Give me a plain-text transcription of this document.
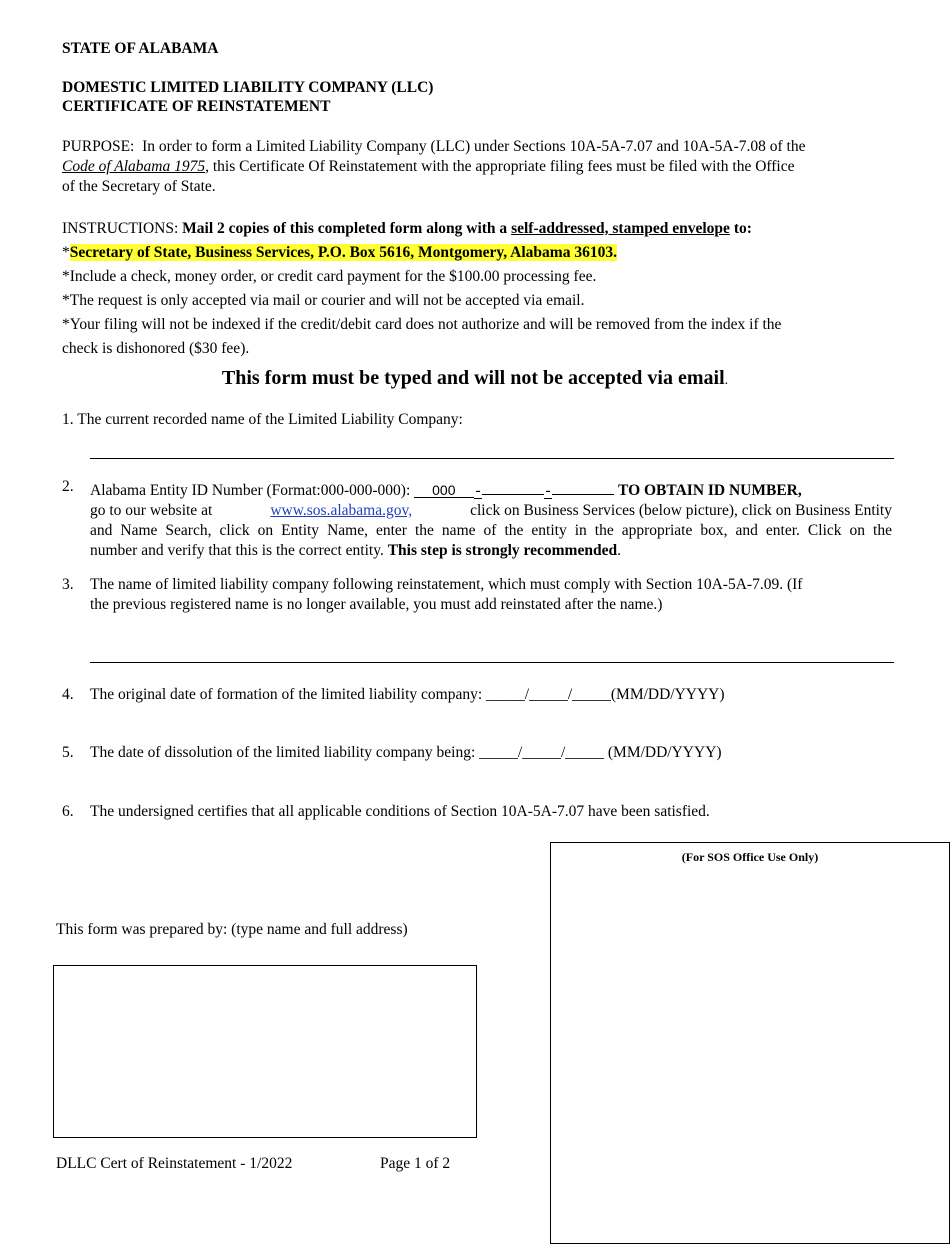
STATE OF ALABAMA
DOMESTIC LIMITED LIABILITY COMPANY (LLC)
CERTIFICATE OF REINSTATEMENT
PURPOSE: In order to form a Limited Liability Company (LLC) under Sections 10A-5A-7.07 and 10A-5A-7.08 of the
Code of Alabama 1975, this Certificate Of Reinstatement with the appropriate filing fees must be filed with the Office
of the Secretary of State.
INSTRUCTIONS: Mail 2 copies of this completed form along with a self-addressed, stamped envelope to:
*Secretary of State, Business Services, P.O. Box 5616, Montgomery, Alabama 36103.
*Include a check, money order, or credit card payment for the $100.00 processing fee.
*The request is only accepted via mail or courier and will not be accepted via email.
*Your filing will not be indexed if the credit/debit card does not authorize and will be removed from the index if the
check is dishonored ($30 fee).
This form must be typed and will not be accepted via email.
1. The current recorded name of the Limited Liability Company:
2.	Alabama Entity ID Number (Format:000-000-000): 000 -	-	TO OBTAIN ID NUMBER,
go to our website at	www.sos.alabama.gov,	click on Business Services (below picture), click on Business Entity
and Name Search, click on Entity Name, enter the name of the entity in the appropriate box, and enter. Click on the
number and verify that this is the correct entity. This step is strongly recommended.
3.	The name of limited liability company following reinstatement, which must comply with Section 10A-5A-7.09. (If
the previous registered name is no longer available, you must add reinstated after the name.)
4.	The original date of formation of the limited liability company: _____/_____/_____(MM/DD/YYYY)
5.	The date of dissolution of the limited liability company being: _____/_____/_____ (MM/DD/YYYY)
6.	The undersigned certifies that all applicable conditions of Section 10A-5A-7.07 have been satisfied.
(For SOS Office Use Only)
This form was prepared by: (type name and full address)
DLLC Cert of Reinstatement - 1/2022	Page 1 of 2
